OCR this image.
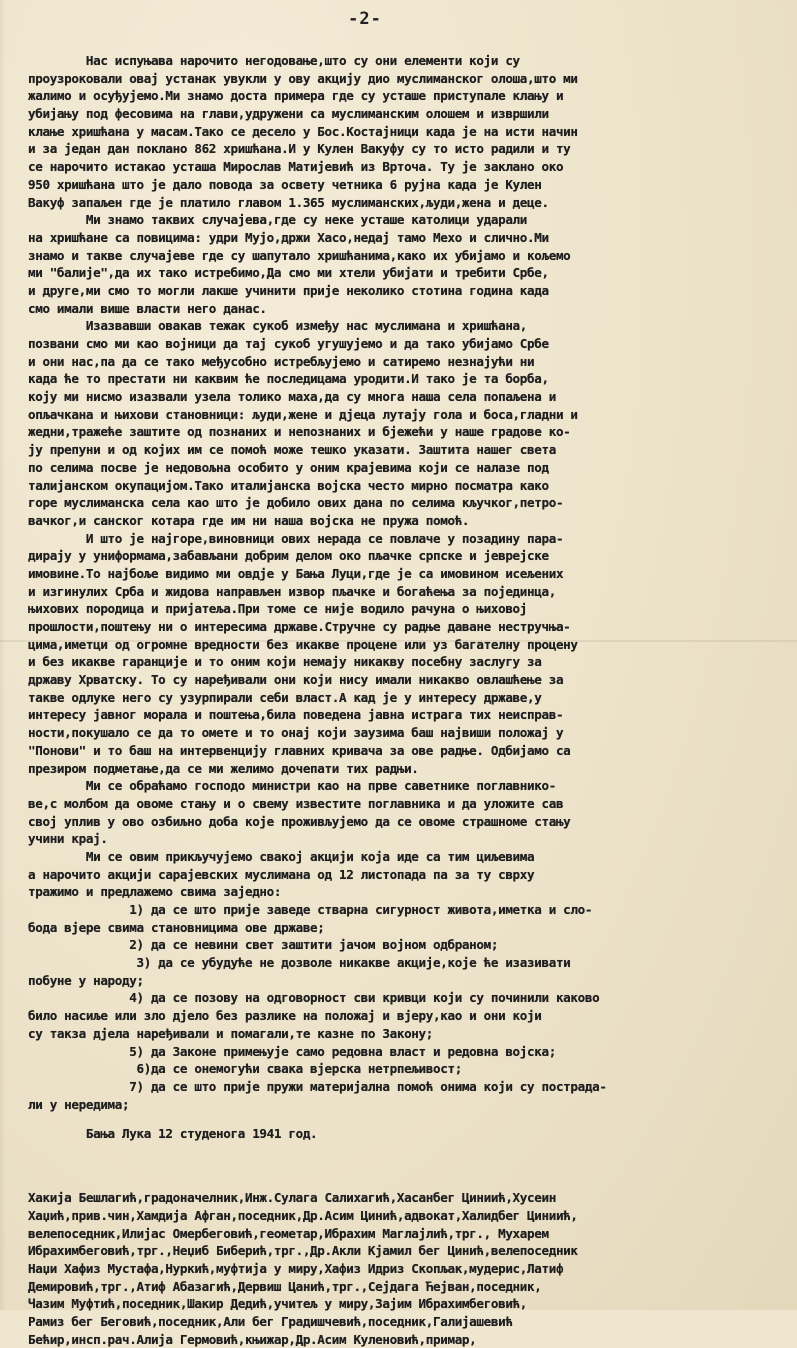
-2-
Нас испуњава нарочито негодовање,што су они елементи који су
проузроковали овај устанак увукли у ову акцију дио муслиманског олоша,што ми
жалимо и осуђујемо.Ми знамо доста примера где су усташе приступале клању и
убијању под фесовима на глави,удружени са муслиманским олошем и извршили
клање хришћана у масам.Тако се десело у Бос.Костајници када је на исти начин
и за један дан поклано 862 хришћана.И у Кулен Вакуфу су то исто радили и ту
се нарочито истакао усташа Мирослав Матијевић из Врточа. Ту је заклано око
950 хришћана што је дало повода за освету четника 6 рујна када је Кулен
Вакуф запаљен где је платило главом 1.365 муслиманских,људи,жена и деце.
Ми знамо таквих случајева,где су неке усташе католици ударали
на хришћане са повицима: удри Мујо,држи Хасо,недај тамо Мехо и слично.Ми
знамо и такве случајеве где су шапутало хришћанима,како их убијамо и кољемо
ми "балије",да их тако истребимо,Да смо ми хтели убијати и требити Србе,
и друге,ми смо то могли лакше учинити прије неколико стотина година када
смо имали више власти него данас.
Изазвавши овакав тежак сукоб између нас муслимана и хришћана,
позвани смо ми као војници да тај сукоб угушујемо и да тако убијамо Србе
и они нас,па да се тако међусобно истребљујемо и сатиремо незнајући ни
када ће то престати ни каквим ће последицама уродити.И тако је та борба,
коју ми нисмо изазвали узела толико маха,да су многа наша села попаљена и
опљачкана и њихови становници: људи,жене и дјеца лутају гола и боса,гладни и
жедни,тражеће заштите од познаних и непознаних и бјежећи у наше градове ко-
ју препуни и од којих им се помоћ може тешко указати. Заштита нашег света
по селима посве је недовољна особито у оним крајевима који се налазе под
талијанском окупацијом.Тако италијанска војска често мирно посматра како
горе муслиманска села као што је добило ових дана по селима кључког,петро-
вачког,и санског котара где им ни наша војска не пружа помоћ.
И што је најгоре,виновници ових нерада се повлаче у позадину пара-
дирају у униформама,забављани добрим делом око пљачке српске и јеврејске
имовине.То најбоље видимо ми овдје у Бања Луци,где је са имовином исељених
и изгинулих Срба и жидова направљен извор пљачке и богаћења за појединца,
њихових породица и пријатеља.При томе се није водило рачуна о њиховој
прошлости,поштењу ни о интересима државе.Стручне су радње даване нестручња-
цима,иметци од огромне вредности без икакве процене или уз багателну процену
и без икакве гаранције и то оним који немају никакву посебну заслугу за
државу Хрватску. То су наређивали они који нису имали никакво овлашћење за
такве одлуке него су узурпирали себи власт.А кад је у интересу државе,у
интересу јавног морала и поштења,била поведена јавна истрага тих неисправ-
ности,покушало се да то омете и то онај који заузима баш највиши положај у
"Понови" и то баш на интервенцију главних кривача за ове радње. Одбијамо са
презиром подметање,да се ми желимо дочепати тих радњи.
Ми се обраћамо господо министри као на прве саветнике поглавнико-
ве,с молбом да овоме стању и о свему известите поглавника и да уложите сав
свој уплив у ово озбиљно доба које проживљујемо да се овоме страшноме стању
учини крај.
Ми се овим прикључујемо свакој акцији која иде са тим циљевима
а нарочито акцији сарајевских муслимана од 12 листопада па за ту сврху
тражимо и предлажемо свима заједно:
1) да се што прије заведе стварна сигурност живота,иметка и сло-
бода вјере свима становницима ове државе;
2) да се невини свет заштити јачом војном одбраном;
3) да се убудуће не дозволе никакве акције,које ће изазивати
побуне у народу;
4) да се позову на одговорност сви кривци који су починили каково
било насиље или зло дјело без разлике на положај и вјеру,као и они који
су такза дјела наређивали и помагали,те казне по Закону;
5) да Законе примењује само редовна власт и редовна војска;
6)да се онемогући свака вјерска нетрпељивост;
7) да се што прије пружи материјална помоћ онима који су пострада-
ли у нередима;
Бања Лука 12 студенога 1941 год.
Хакија Бешлагић,градоначелник,Инж.Сулага Салихагић,Хасанбег Циниић,Хусеин
Хаџић,прив.чин,Хамдија Афган,поседник,Др.Асим Цинић,адвокат,Халидбег Циниић,
велепоседник,Илијас Омербеговић,геометар,Ибрахим Маглајлић,трг., Мухарем
Ибрахимбеговић,трг.,Неџиб Биберић,трг.,Др.Акли Кјамил бег Цинић,велепоседник
Наџи Хафиз Мустафа,Нуркић,муфтија у миру,Хафиз Идриз Скопљак,мудерис,Латиф
Демировић,трг.,Атиф Абазагић,Дервиш Цанић,трг.,Сејдага Ћејван,поседник,
Чазим Муфтић,поседник,Шакир Дедић,учитељ у миру,Зајим Ибрахимбеговић,
Рамиз бег Беговић,поседник,Али бег Градишчевић,поседник,Галијашевић
Бећир,инсп.рач.Алија Гермовић,књижар,Др.Асим Куленовић,примар,
